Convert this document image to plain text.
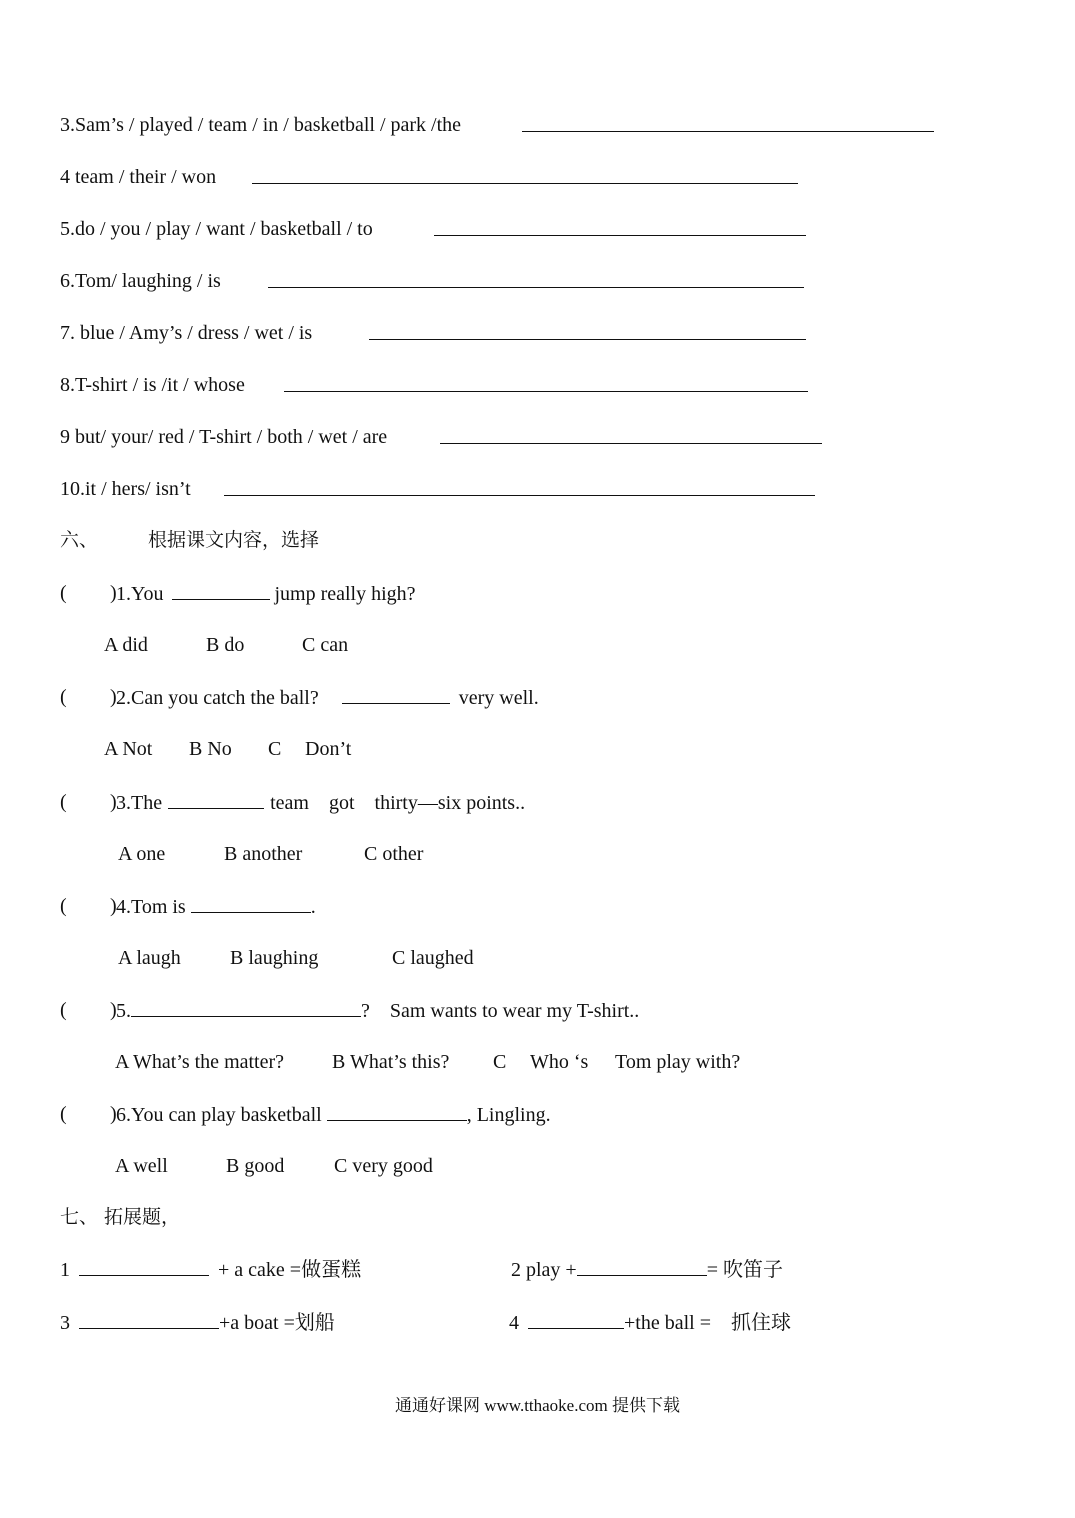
3.Sam’s / played / team / in / basketball / park /the
4 team / their / won
5.do / you / play / want / basketball / to
6.Tom/ laughing / is
7. blue / Amy’s / dress / wet / is
8.T-shirt / is /it / whose
9 but/ your/ red / T-shirt / both / wet / are
10.it / hers/ isn’t
六、	根据课文内容，选择
( ) 1.You	jump really high?
A did	B do	C can
( ) 2.Can you catch the ball?	very well.
A Not B No C Don’t
( ) 3.The	team    got    thirty—six points..
A one	B another	C other
( ) 4.Tom is	.
A laugh B laughing	C laughed
( ) 5.	?    Sam wants to wear my T-shirt..
A What’s the matter? B What’s this? C Who ‘s Tom play with?
( ) 6.You can play basketball	, Lingling.
A well	B good C very good
七、 拓展题，
1	+ a cake =做蛋糕	2 play +	= 吹笛子
3	+a boat =划船	4	+the ball =    抓住球
通通好课网 www.tthaoke.com 提供下载
